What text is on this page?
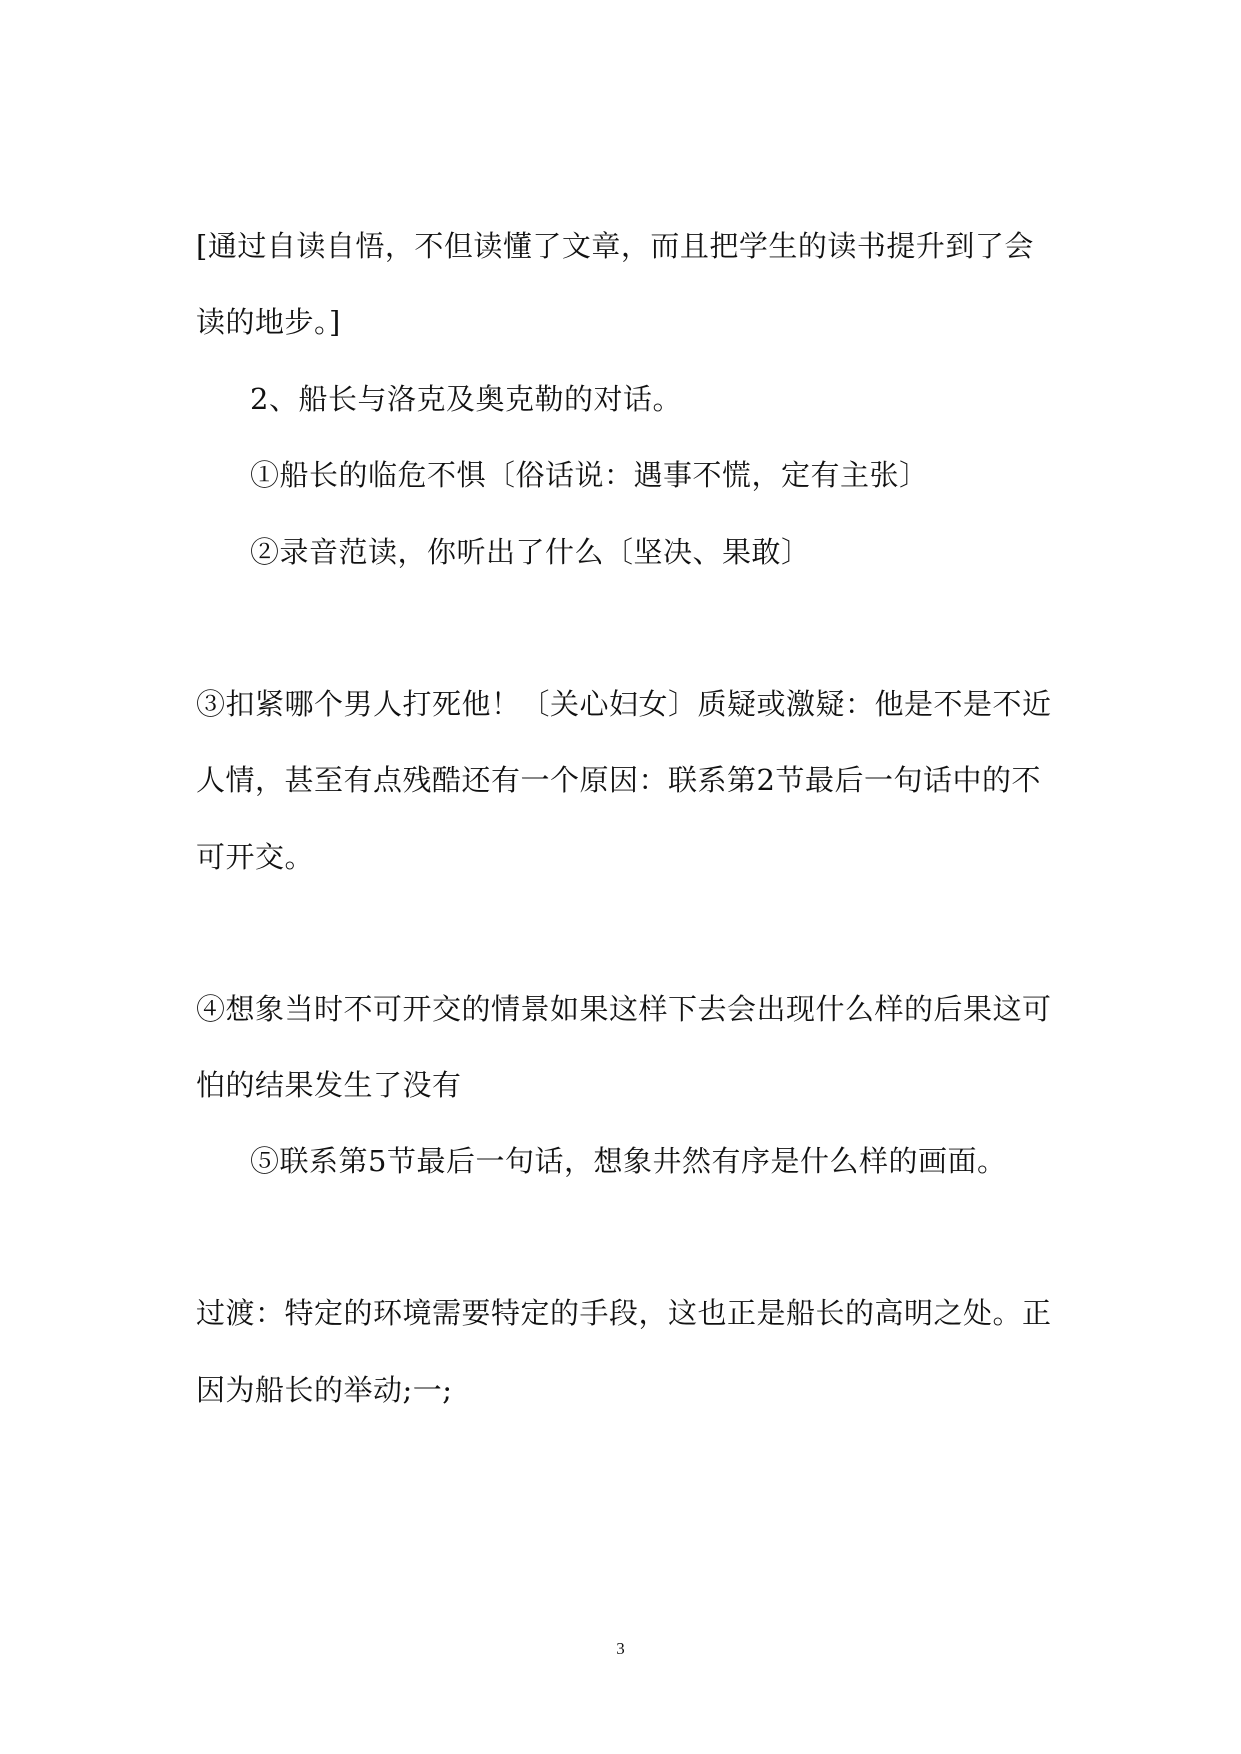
[通过自读自悟，不但读懂了文章，而且把学生的读书提升到了会

读的地步。]

2、船长与洛克及奥克勒的对话。

①船长的临危不惧〔俗话说：遇事不慌，定有主张〕

②录音范读，你听出了什么〔坚决、果敢〕

③扣紧哪个男人打死他！〔关心妇女〕质疑或激疑：他是不是不近

人情，甚至有点残酷还有一个原因：联系第2节最后一句话中的不

可开交。

④想象当时不可开交的情景如果这样下去会出现什么样的后果这可

怕的结果发生了没有

⑤联系第5节最后一句话，想象井然有序是什么样的画面。

过渡：特定的环境需要特定的手段，这也正是船长的高明之处。正

因为船长的举动;一;

3
